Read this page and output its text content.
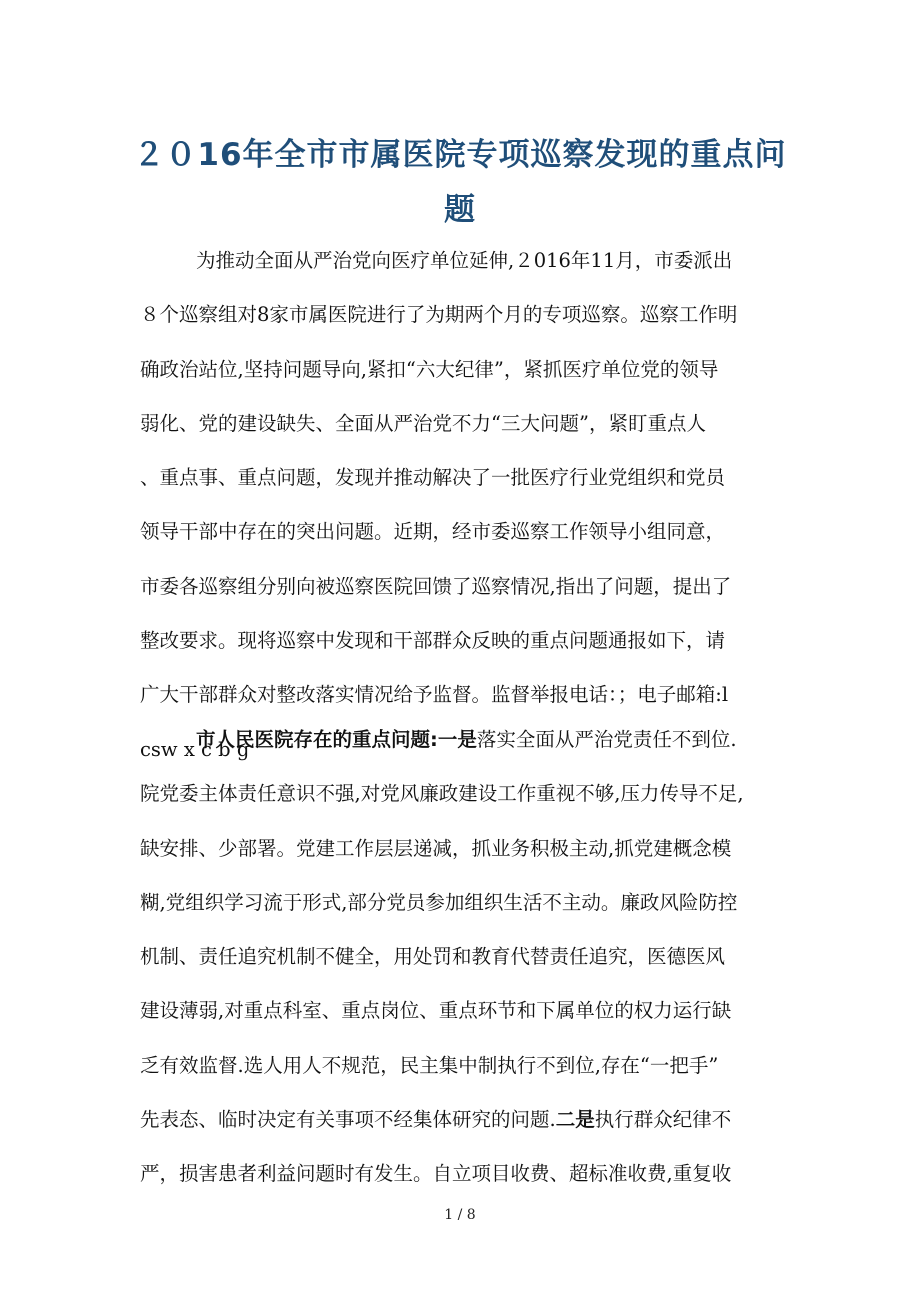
２０16年全市市属医院专项巡察发现的重点问
题
为推动全面从严治党向医疗单位延伸,２016年11月，市委派出
８个巡察组对8家市属医院进行了为期两个月的专项巡察。巡察工作明
确政治站位,坚持问题导向,紧扣“六大纪律”，紧抓医疗单位党的领导
弱化、党的建设缺失、全面从严治党不力“三大问题”，紧盯重点人
、重点事、重点问题，发现并推动解决了一批医疗行业党组织和党员
领导干部中存在的突出问题。近期，经市委巡察工作领导小组同意，
市委各巡察组分别向被巡察医院回馈了巡察情况,指出了问题，提出了
整改要求。现将巡察中发现和干部群众反映的重点问题通报如下，请
广大干部群众对整改落实情况给予监督。监督举报电话：；电子邮箱:l
csw x c b g
市人民医院存在的重点问题:一是落实全面从严治党责任不到位.
院党委主体责任意识不强,对党风廉政建设工作重视不够,压力传导不足,
缺安排、少部署。党建工作层层递减，抓业务积极主动,抓党建概念模
糊,党组织学习流于形式,部分党员参加组织生活不主动。廉政风险防控
机制、责任追究机制不健全，用处罚和教育代替责任追究，医德医风
建设薄弱,对重点科室、重点岗位、重点环节和下属单位的权力运行缺
乏有效监督.选人用人不规范，民主集中制执行不到位,存在“一把手”
先表态、临时决定有关事项不经集体研究的问题.二是执行群众纪律不
严，损害患者利益问题时有发生。自立项目收费、超标准收费,重复收
1 / 8
